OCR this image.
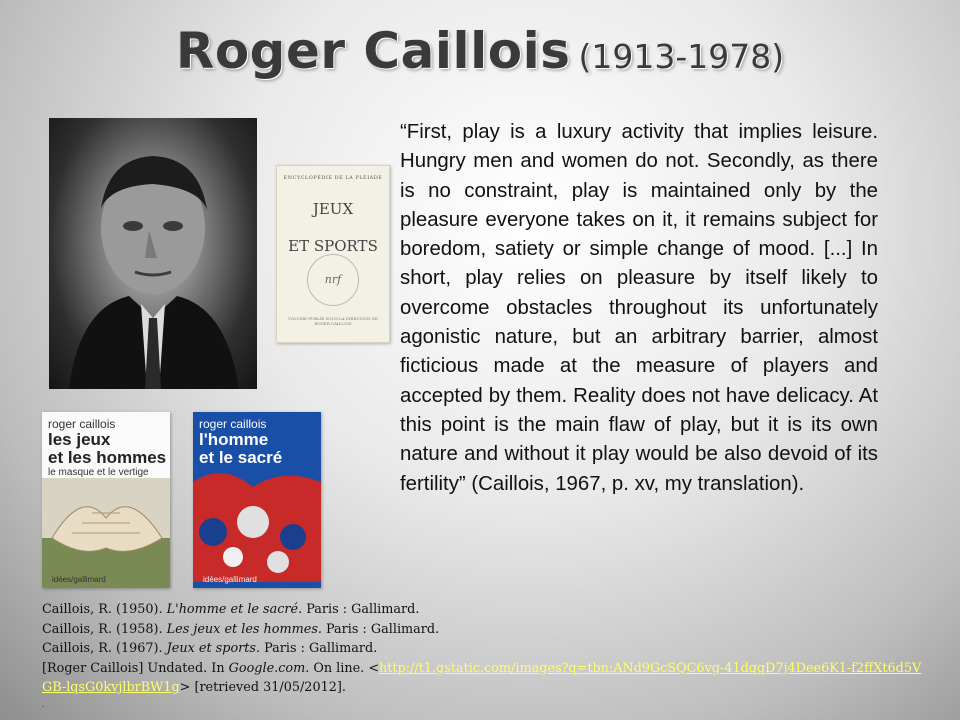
Roger Caillois (1913-1978)
ENCYCLOPÉDIE DE LA PLÉIADE
JEUX
ET SPORTS
nrf
VOLUME PUBLIÉ SOUS LA DIRECTION DE ROGER CAILLOIS
roger caillois
les jeux
et les hommes
le masque et le vertige
idées/gallimard
roger caillois
l'homme
et le sacré
idées/gallimard
“First, play is a luxury activity that implies leisure. Hungry men and women do not. Secondly, as there is no constraint, play is maintained only by the pleasure everyone takes on it, it remains subject for boredom, satiety or simple change of mood. [...] In short, play relies on pleasure by itself likely to overcome obstacles throughout its unfortunately agonistic nature, but an arbitrary barrier, almost ficticious made at the measure of players and accepted by them. Reality does not have delicacy. At this point is the main flaw of play, but it is its own nature and without it play would be also devoid of its fertility” (Caillois, 1967, p. xv, my translation).
Caillois, R. (1950). L'homme et le sacré. Paris : Gallimard.
Caillois, R. (1958). Les jeux et les hommes. Paris : Gallimard.
Caillois, R. (1967). Jeux et sports. Paris : Gallimard.
[Roger Caillois] Undated. In Google.com. On line. <http://t1.gstatic.com/images?q=tbn:ANd9GcSQC6vg-41dqqD7j4Dee6K1-f2ffXt6d5VGB-lqsG0kvjlbrBW1g> [retrieved 31/05/2012].
.
